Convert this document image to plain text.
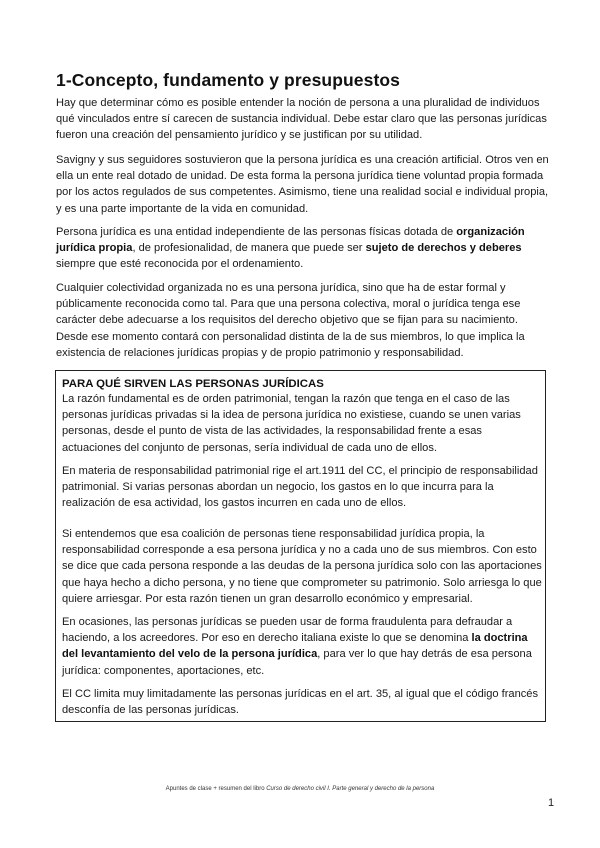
1-Concepto, fundamento y presupuestos

Hay que determinar cómo es posible entender la noción de persona a una pluralidad de individuos qué vinculados entre sí carecen de sustancia individual. Debe estar claro que las personas jurídicas fueron una creación del pensamiento jurídico y se justifican por su utilidad.

Savigny y sus seguidores sostuvieron que la persona jurídica es una creación artificial. Otros ven en ella un ente real dotado de unidad. De esta forma la persona jurídica tiene voluntad propia formada por los actos regulados de sus competentes. Asimismo, tiene una realidad social e individual propia, y es una parte importante de la vida en comunidad.

Persona jurídica es una entidad independiente de las personas físicas dotada de organización jurídica propia, de profesionalidad, de manera que puede ser sujeto de derechos y deberes siempre que esté reconocida por el ordenamiento.

Cualquier colectividad organizada no es una persona jurídica, sino que ha de estar formal y públicamente reconocida como tal. Para que una persona colectiva, moral o jurídica tenga ese carácter debe adecuarse a los requisitos del derecho objetivo que se fijan para su nacimiento. Desde ese momento contará con personalidad distinta de la de sus miembros, lo que implica la existencia de relaciones jurídicas propias y de propio patrimonio y responsabilidad.

PARA QUÉ SIRVEN LAS PERSONAS JURÍDICAS

La razón fundamental es de orden patrimonial, tengan la razón que tenga en el caso de las personas jurídicas privadas si la idea de persona jurídica no existiese, cuando se unen varias personas, desde el punto de vista de las actividades, la responsabilidad frente a esas actuaciones del conjunto de personas, sería individual de cada uno de ellos.

En materia de responsabilidad patrimonial rige el art.1911 del CC, el principio de responsabilidad patrimonial. Si varias personas abordan un negocio, los gastos en lo que incurra para la realización de esa actividad, los gastos incurren en cada uno de ellos.

Si entendemos que esa coalición de personas tiene responsabilidad jurídica propia, la responsabilidad corresponde a esa persona jurídica y no a cada uno de sus miembros. Con esto se dice que cada persona responde a las deudas de la persona jurídica solo con las aportaciones que haya hecho a dicho persona, y no tiene que comprometer su patrimonio. Solo arriesga lo que quiere arriesgar. Por esta razón tienen un gran desarrollo económico y empresarial.

En ocasiones, las personas jurídicas se pueden usar de forma fraudulenta para defraudar a haciendo, a los acreedores. Por eso en derecho italiana existe lo que se denomina la doctrina del levantamiento del velo de la persona jurídica, para ver lo que hay detrás de esa persona jurídica: componentes, aportaciones, etc.

El CC limita muy limitadamente las personas jurídicas en el art. 35, al igual que el código francés desconfía de las personas jurídicas.

Apuntes de clase + resumen del libro Curso de derecho civil I. Parte general y derecho de la persona
1
